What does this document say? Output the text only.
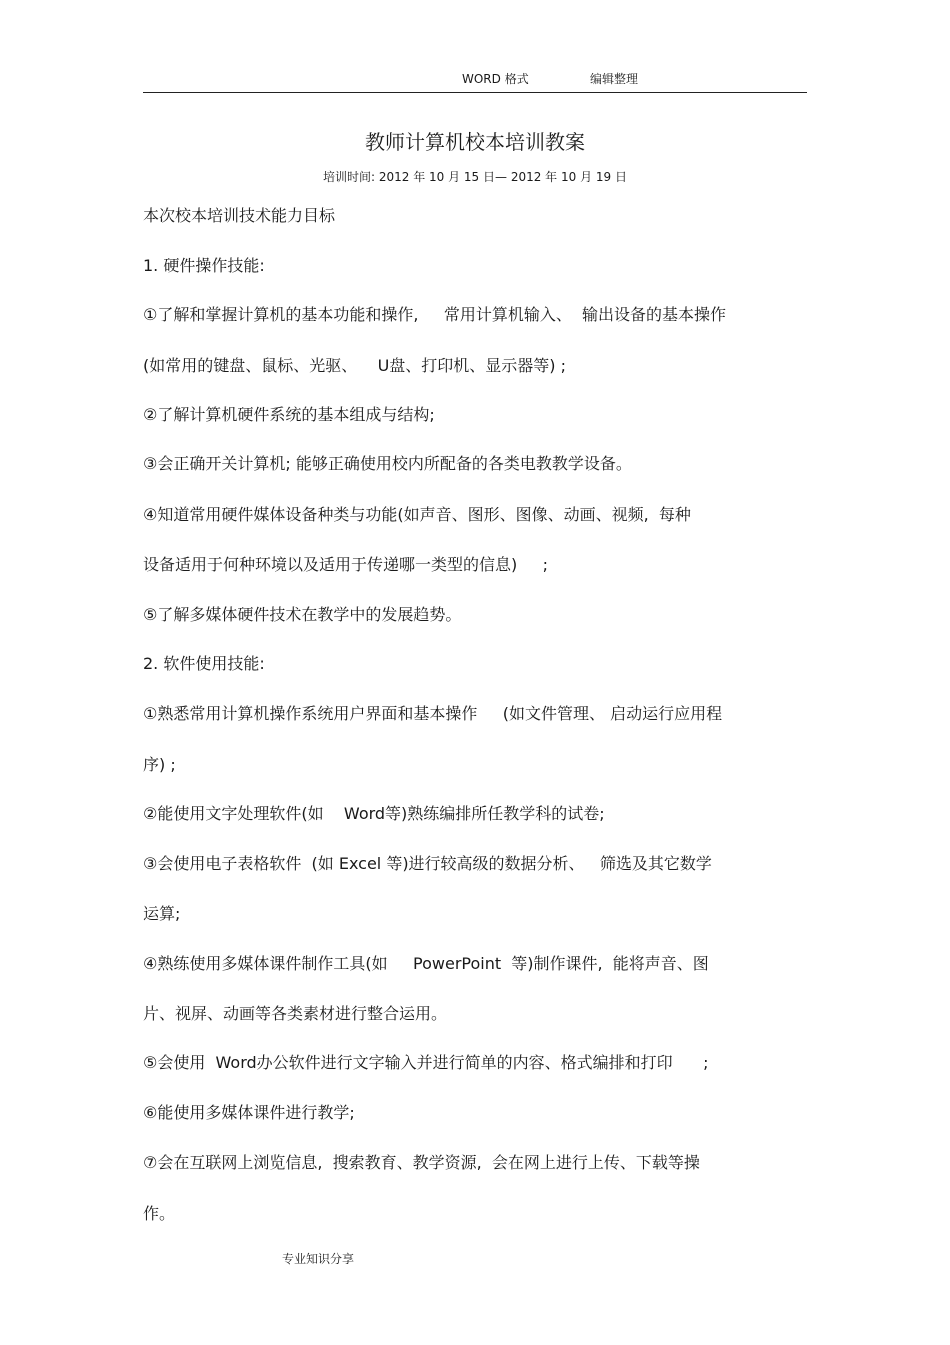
WORD 格式	编辑整理
教师计算机校本培训教案
培训时间: 2012 年 10 月 15 日— 2012 年 10 月 19 日
本次校本培训技术能力目标
1. 硬件操作技能:
①了解和掌握计算机的基本功能和操作,     常用计算机输入、  输出设备的基本操作
(如常用的键盘、鼠标、光驱、    U盘、打印机、显示器等) ;
②了解计算机硬件系统的基本组成与结构;
③会正确开关计算机; 能够正确使用校内所配备的各类电教教学设备。
④知道常用硬件媒体设备种类与功能(如声音、图形、图像、动画、视频,  每种
设备适用于何种环境以及适用于传递哪一类型的信息)     ;
⑤了解多媒体硬件技术在教学中的发展趋势。
2. 软件使用技能:
①熟悉常用计算机操作系统用户界面和基本操作     (如文件管理、 启动运行应用程
序) ;
②能使用文字处理软件(如    Word等)熟练编排所任教学科的试卷;
③会使用电子表格软件  (如 Excel 等)进行较高级的数据分析、   筛选及其它数学
运算;
④熟练使用多媒体课件制作工具(如     PowerPoint  等)制作课件,  能将声音、图
片、视屏、动画等各类素材进行整合运用。
⑤会使用  Word办公软件进行文字输入并进行简单的内容、格式编排和打印      ;
⑥能使用多媒体课件进行教学;
⑦会在互联网上浏览信息,  搜索教育、教学资源,  会在网上进行上传、下载等操
作。
专业知识分享
